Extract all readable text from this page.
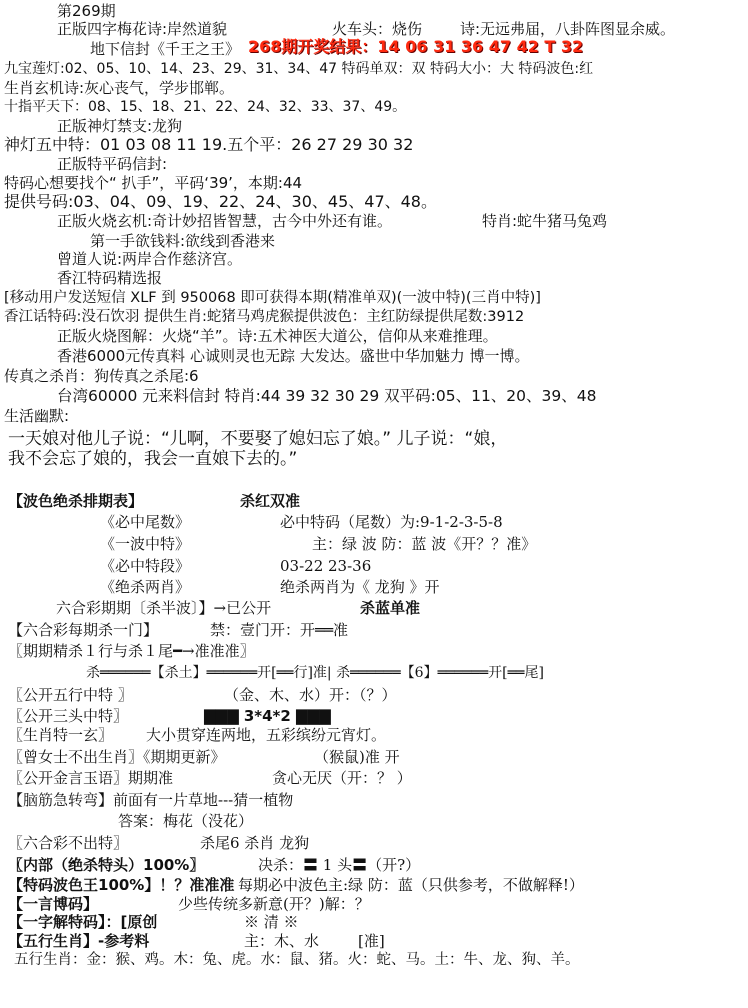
第269期
正版四字梅花诗:岸然道貌	火车头：烧伤	诗:无远弗届，八卦阵图显余威。
地下信封《千王之王》 268期开奖结果：14 06 31 36 47 42 T 32
九宝莲灯:02、05、10、14、23、29、31、34、47 特码单双：双 特码大小：大 特码波色:红
生肖玄机诗:灰心丧气，学步邯郸。
十指平天下：08、15、18、21、22、24、32、33、37、49。
正版神灯禁支:龙狗
神灯五中特：01 03 08 11 19.五个平：26 27 29 30 32
正版特平码信封:
特码心想要找个“ 扒手”，平码‘39’，本期:44
提供号码:03、04、09、19、22、24、30、45、47、48。
正版火烧玄机:奇计妙招皆智慧，古今中外还有谁。	特肖:蛇牛猪马兔鸡
第一手欲钱料:欲线到香港来
曾道人说:两岸合作慈济宫。
香江特码精选报
[移动用户发送短信 XLF 到 950068 即可获得本期(精准单双)(一波中特)(三肖中特)]
香江话特码:没石饮羽 提供生肖:蛇猪马鸡虎猴提供波色：主红防绿提供尾数:3912
正版火烧图解：火烧“羊”。诗:五术神医大道公，信仰从来难推理。
香港6000元传真料 心诚则灵也无踪 大发达。盛世中华加魅力 博一博。
传真之杀肖：狗传真之杀尾:6
台湾60000 元来料信封 特肖:44 39 32 30 29 双平码:05、11、20、39、48
生活幽默:
一天娘对他儿子说：“儿啊，不要娶了媳妇忘了娘。” 儿子说：“娘，
我不会忘了娘的，我会一直娘下去的。”
【波色绝杀排期表】	杀红双准
《必中尾数》	必中特码（尾数）为:9-1-2-3-5-8
《一波中特》	主：绿 波 防：蓝 波《开？？准》
《必中特段》	03-22 23-36
《绝杀两肖》	绝杀两肖为《 龙狗 》开
六合彩期期〔杀半波〕】→已公开	杀蓝单准
【六合彩每期杀一门】	禁：壹门开：开══准
〖期期精杀１行与杀１尾━→准准准〗
杀══════【杀土】══════开[══行]准| 杀══════【6】══════开[══尾]
〖公开五行中特 〗	（金、木、水）开：（？）
〖公开三头中特〗	▇▇▇ 3*4*2 ▇▇▇
〖生肖特一玄〗 大小贯穿连两地，五彩缤纷元宵灯。
〖曾女士不出生肖〗《期期更新》	（猴鼠)准 开
〖公开金言玉语〗期期准	贪心无厌（开：？ ）
【脑筋急转弯】前面有一片草地---猜一植物
答案：梅花（没花）
〖六合彩不出特〗	杀尾6 杀肖 龙狗
〖内部（绝杀特头）100%〗	决杀：〓 1 头〓（开?）
【特码波色王100%】！？准准准 每期必中波色主:绿 防：蓝（只供参考，不做解释!）
【一言博码】	少些传统多新意(开？)解：？
【一字解特码】：[原创	※ 清 ※
【五行生肖】-参考料	主：木、水	[准]
五行生肖：金：猴、鸡。木：兔、虎。水：鼠、猪。火：蛇、马。土：牛、龙、狗、羊。
